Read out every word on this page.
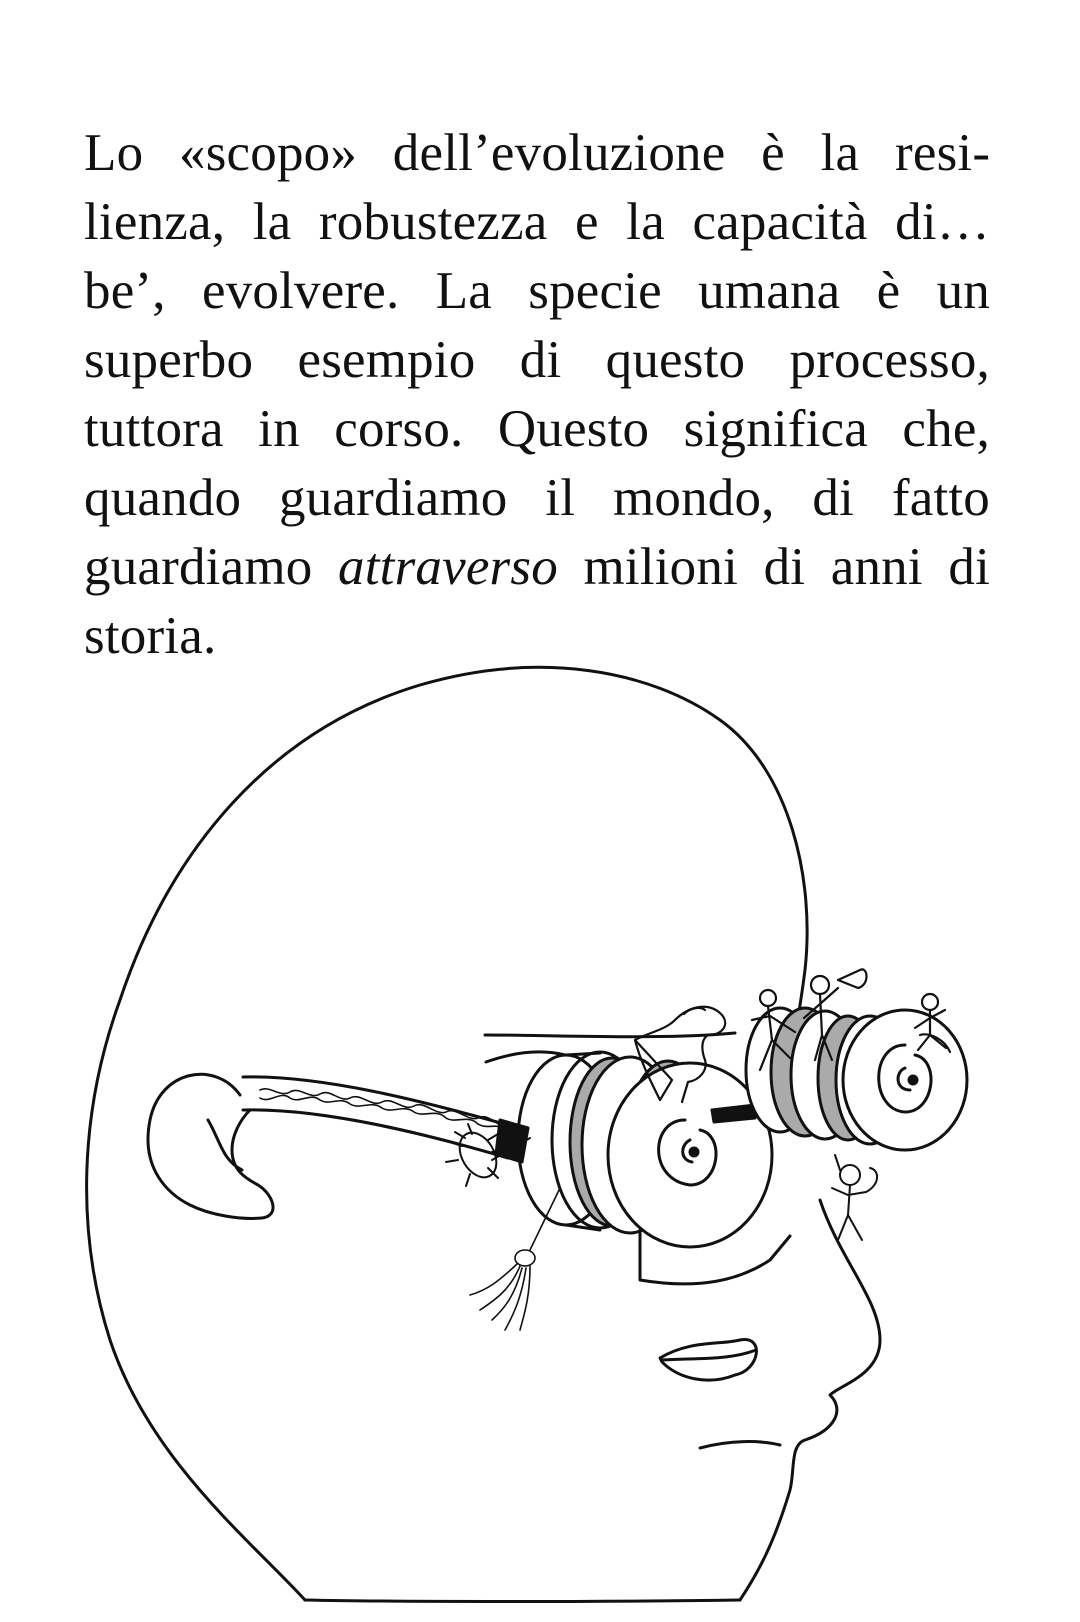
Lo «scopo» dell’evoluzione è la resilienza, la robustezza e la capacità di… be’, evolvere. La specie umana è un superbo esempio di questo processo, tuttora in corso. Questo significa che, quando guardiamo il mondo, di fatto guardiamo attraverso milioni di anni di storia.
